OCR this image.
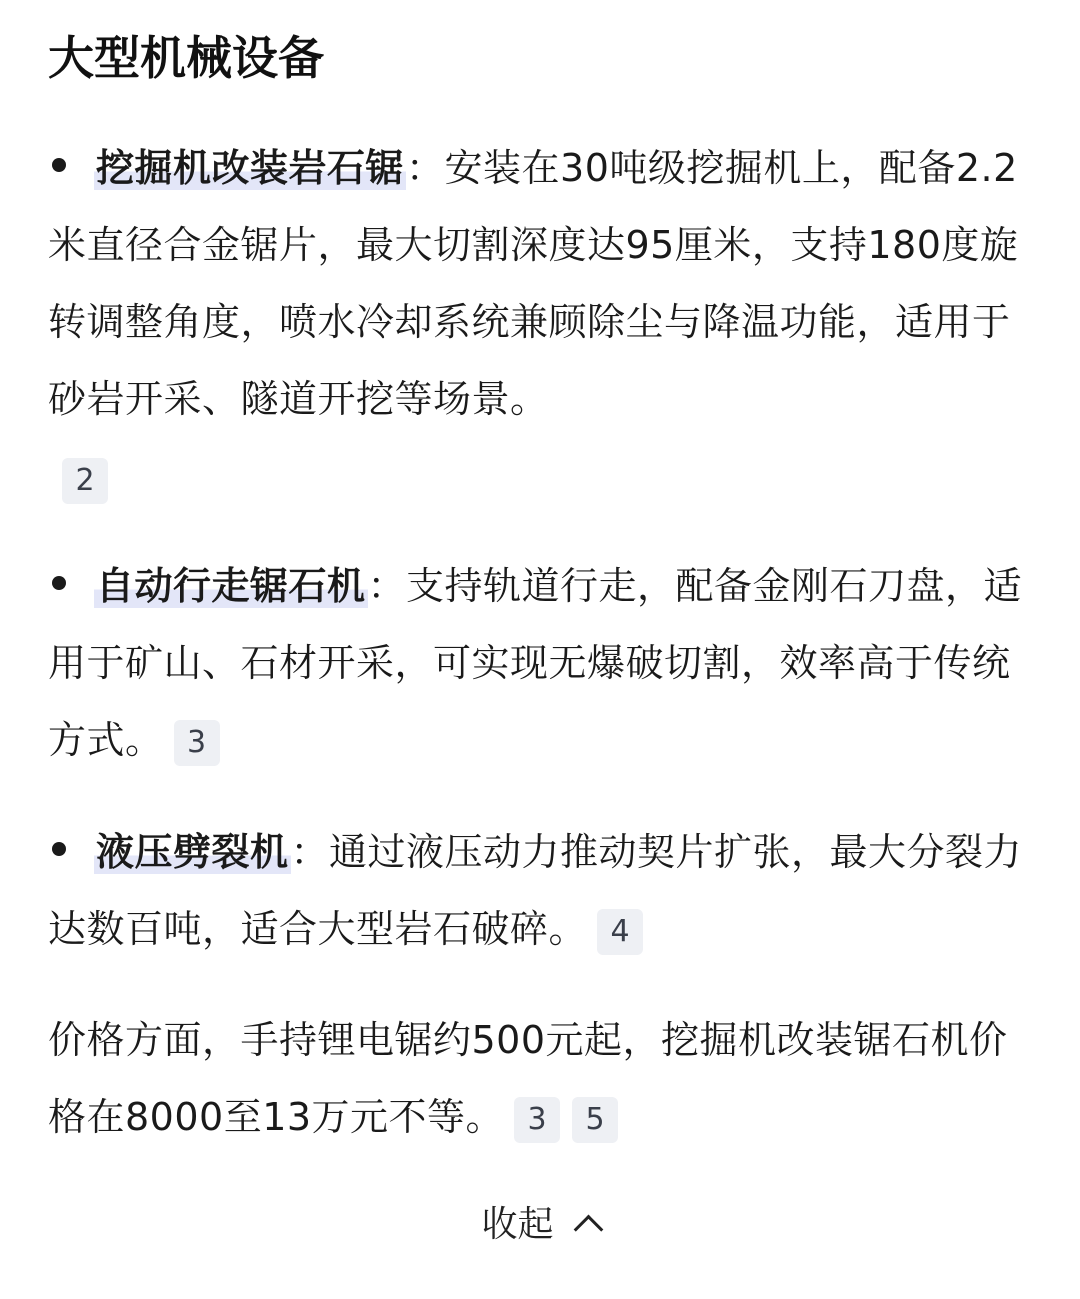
大型机械设备

挖掘机改装岩石锯：安装在30吨级挖掘机上，配备2.2米直径合金锯片，最大切割深度达95厘米，支持180度旋转调整角度，喷水冷却系统兼顾除尘与降温功能，适用于砂岩开采、隧道开挖等场景。
2

自动行走锯石机：支持轨道行走，配备金刚石刀盘，适用于矿山、石材开采，可实现无爆破切割，效率高于传统方式。 3

液压劈裂机：通过液压动力推动契片扩张，最大分裂力达数百吨，适合大型岩石破碎。 4

价格方面，手持锂电锯约500元起，挖掘机改装锯石机价格在8000至13万元不等。 3 5

收起
